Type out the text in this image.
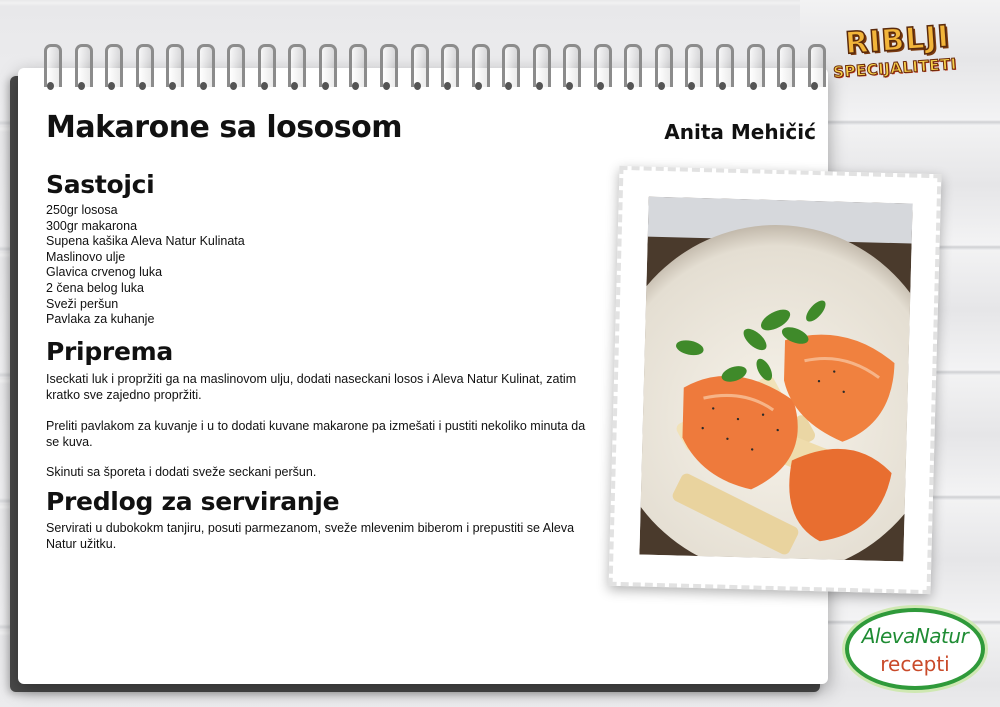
Makarone sa lososom	Anita Mehičić
Sastojci
250gr lososa
300gr makarona
Supena kašika Aleva Natur Kulinata
Maslinovo ulje
Glavica crvenog luka
2 čena belog luka
Sveži peršun
Pavlaka za kuhanje
Priprema

Iseckati luk i propržiti ga na maslinovom ulju, dodati naseckani losos i Aleva Natur Kulinat, zatim kratko sve zajedno propržiti.

Preliti pavlakom za kuvanje i u to dodati kuvane makarone pa izmešati i pustiti nekoliko minuta da se kuva.

Skinuti sa šporeta i dodati sveže seckani peršun.

Predlog za serviranje

Servirati u dubokokm tanjiru, posuti parmezanom, sveže mlevenim biberom i prepustiti se Aleva Natur užitku.

RIBLJI
SPECIJALITETI
AlevaNatur
recepti
